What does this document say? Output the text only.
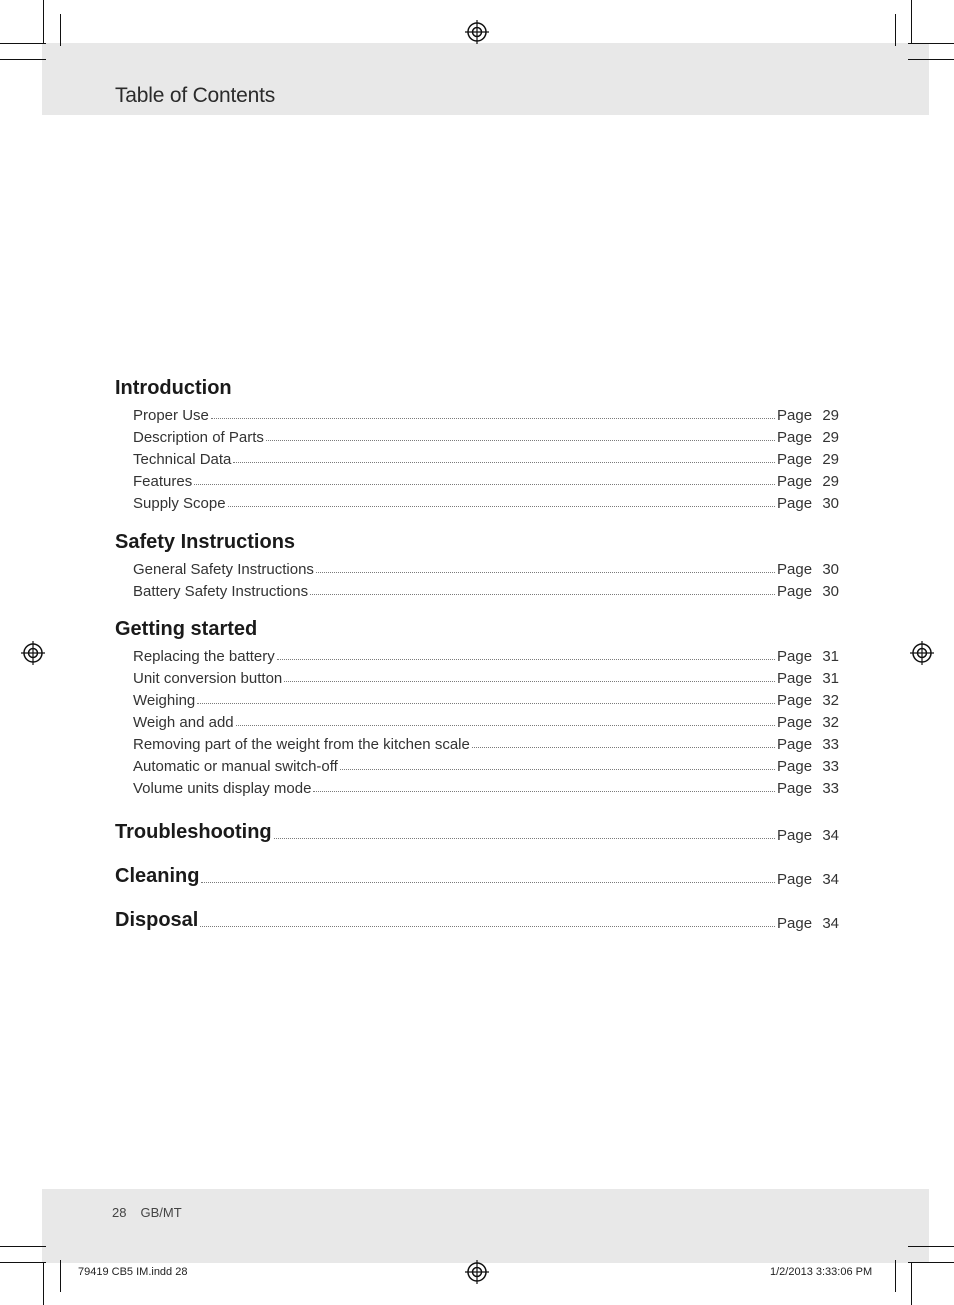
Table of Contents
Introduction
Proper Use	Page 29
Description of Parts	Page 29
Technical Data	Page 29
Features	Page 29
Supply Scope	Page 30
Safety Instructions
General Safety Instructions	Page 30
Battery Safety Instructions	Page 30
Getting started
Replacing the battery	Page 31
Unit conversion button	Page 31
Weighing	Page 32
Weigh and add	Page 32
Removing part of the weight from the kitchen scale	Page 33
Automatic or manual switch-off	Page 33
Volume units display mode	Page 33
Troubleshooting	Page 34
Cleaning	Page 34
Disposal	Page 34
28 GB/MT
79419 CB5 IM.indd 28	1/2/2013 3:33:06 PM
